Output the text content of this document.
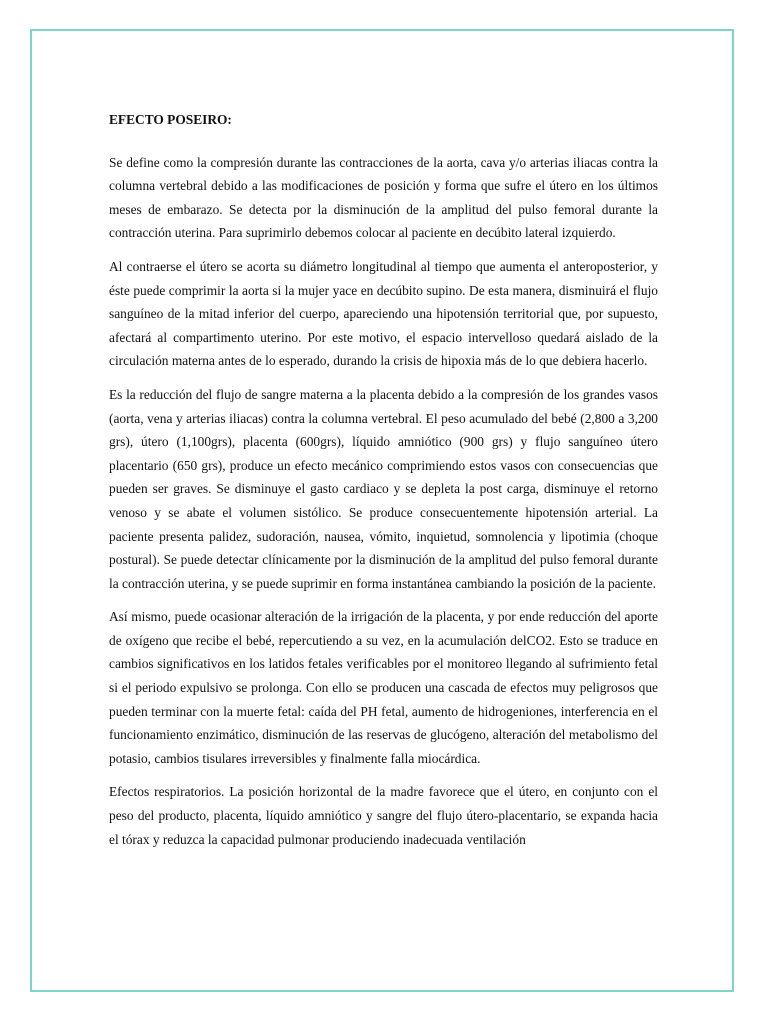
EFECTO POSEIRO:

Se define como la compresión durante las contracciones de la aorta, cava y/o arterias iliacas contra la columna vertebral debido a las modificaciones de posición y forma que sufre el útero en los últimos meses de embarazo. Se detecta por la disminución de la amplitud del pulso femoral durante la contracción uterina. Para suprimirlo debemos colocar al paciente en decúbito lateral izquierdo.

Al contraerse el útero se acorta su diámetro longitudinal al tiempo que aumenta el anteroposterior, y éste puede comprimir la aorta si la mujer yace en decúbito supino. De esta manera, disminuirá el flujo sanguíneo de la mitad inferior del cuerpo, apareciendo una hipotensión territorial que, por supuesto, afectará al compartimento uterino. Por este motivo, el espacio intervelloso quedará aislado de la circulación materna antes de lo esperado, durando la crisis de hipoxia más de lo que debiera hacerlo.

Es la reducción del flujo de sangre materna a la placenta debido a la compresión de los grandes vasos (aorta, vena y arterias iliacas) contra la columna vertebral. El peso acumulado del bebé (2,800 a 3,200 grs), útero (1,100grs), placenta (600grs), líquido amniótico (900 grs) y flujo sanguíneo útero placentario (650 grs), produce un efecto mecánico comprimiendo estos vasos con consecuencias que pueden ser graves. Se disminuye el gasto cardiaco y se depleta la post carga, disminuye el retorno venoso y se abate el volumen sistólico. Se produce consecuentemente hipotensión arterial. La paciente presenta palidez, sudoración, nausea, vómito, inquietud, somnolencia y lipotimia (choque postural). Se puede detectar clínicamente por la disminución de la amplitud del pulso femoral durante la contracción uterina, y se puede suprimir en forma instantánea cambiando la posición de la paciente.

Así mismo, puede ocasionar alteración de la irrigación de la placenta, y por ende reducción del aporte de oxígeno que recibe el bebé, repercutiendo a su vez, en la acumulación delCO2. Esto se traduce en cambios significativos en los latidos fetales verificables por el monitoreo llegando al sufrimiento fetal si el periodo expulsivo se prolonga. Con ello se producen una cascada de efectos muy peligrosos que pueden terminar con la muerte fetal: caída del PH fetal, aumento de hidrogeniones, interferencia en el funcionamiento enzimático, disminución de las reservas de glucógeno, alteración del metabolismo del potasio, cambios tisulares irreversibles y finalmente falla miocárdica.

Efectos respiratorios. La posición horizontal de la madre favorece que el útero, en conjunto con el peso del producto, placenta, líquido amniótico y sangre del flujo útero-placentario, se expanda hacia el tórax y reduzca la capacidad pulmonar produciendo inadecuada ventilación
